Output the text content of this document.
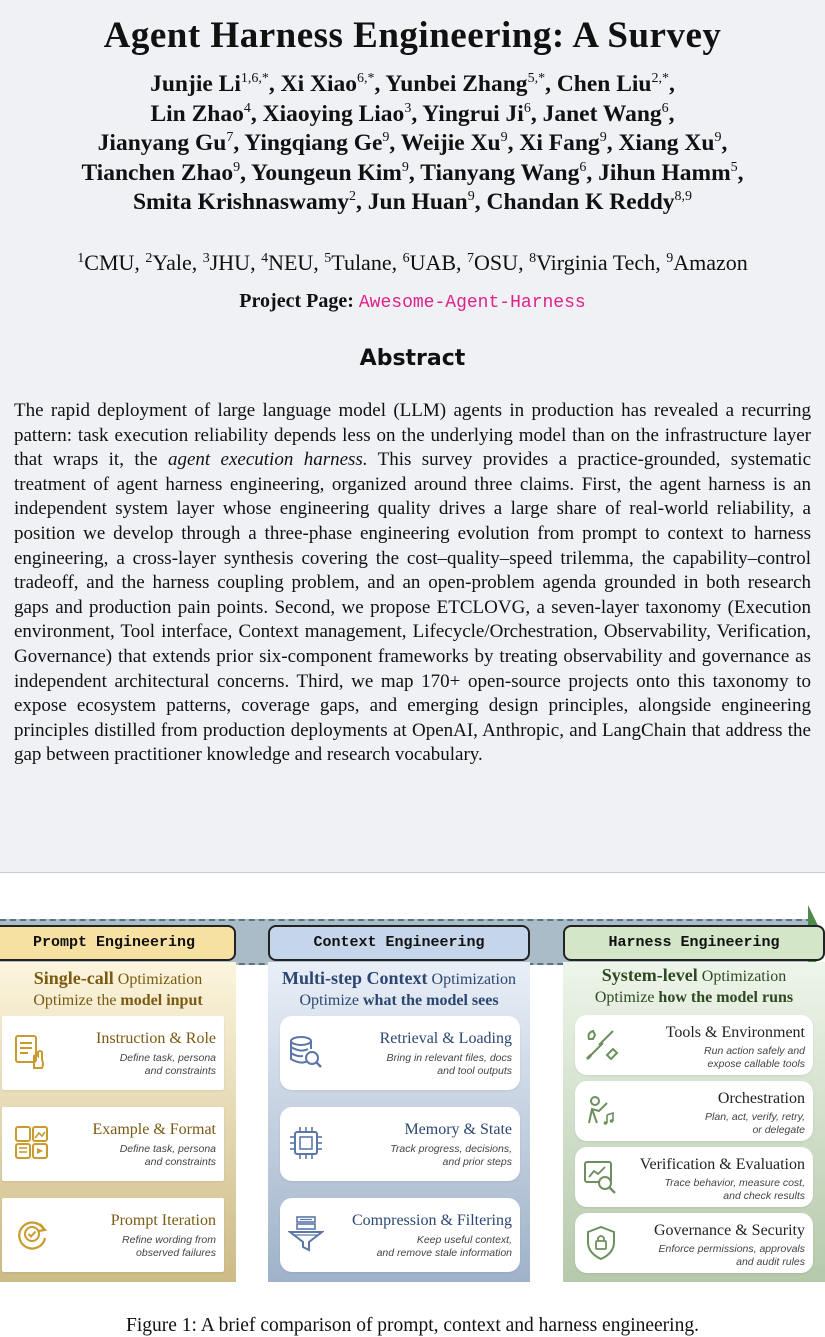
Agent Harness Engineering: A Survey
Junjie $Li^{1,6,*}$, Xi Xiao$^{6,*}$, Yunbei Zhang$^{5,*}$, Chen Liu$^{2,*}$,
Lin Zhao$^4$, Xiaoying Liao$^3$, Yingrui Ji$^6$, Janet Wang$^6$,
Jianyang Gu$^7$, Yingqiang Ge$^9$, Weijie Xu$^9$, Xi Fang$^9$, Xiang Xu$^9$,
Tianchen Zhao$^9$, Youngeun Kim$^9$, Tianyang Wang$^6$, Jihun Hamm$^5$,
Smita Krishnaswamy$^2$, Jun Huan$^9$, Chandan K Reddy$^{8,9}$
$^1$CMU, $^2$Yale, $^3$JHU, $^4$NEU, $^5$Tulane, $^6$UAB, $^7$OSU, $^8$Virginia Tech, $^9$Amazon
Project Page: Awesome-Agent-Harness
Abstract
The rapid deployment of large language model (LLM) agents in production has revealed a recurring pattern: task execution reliability depends less on the underlying model than on the infrastructure layer that wraps it, the agent execution harness. This survey provides a practice-grounded, systematic treatment of agent harness engineering, organized around three claims. First, the agent harness is an independent system layer whose engineering quality drives a large share of real-world reliability, a position we develop through a three-phase engineering evolution from prompt to context to harness engineering, a cross-layer synthesis covering the cost–quality–speed trilemma, the capability–control tradeoff, and the harness coupling problem, and an open-problem agenda grounded in both research gaps and production pain points. Second, we propose ETCLOVG, a seven-layer taxonomy (Execution environment, Tool interface, Context management, Lifecycle/Orchestration, Observability, Verification, Governance) that extends prior six-component frameworks by treating observability and governance as independent architectural concerns. Third, we map 170+ open-source projects onto this taxonomy to expose ecosystem patterns, coverage gaps, and emerging design principles, alongside engineering principles distilled from production deployments at OpenAI, Anthropic, and LangChain that address the gap between practitioner knowledge and research vocabulary.
Prompt Engineering	Context Engineering	Harness Engineering
Single-call Optimization
Optimize the model input
Multi-step Context Optimization
Optimize what the model sees
System-level Optimization
Optimize how the model runs
Instruction & Role
Define task, persona
and constraints
Example & Format
Define task, persona
and constraints
Prompt Iteration
Refine wording from
observed failures
Retrieval & Loading
Bring in relevant files, docs
and tool outputs
Memory & State
Track progress, decisions,
and prior steps
Compression & Filtering
Keep useful context,
and remove stale information
Tools & Environment
Run action safely and
expose callable tools
Orchestration
Plan, act, verify, retry,
or delegate
Verification & Evaluation
Trace behavior, measure cost,
and check results
Governance & Security
Enforce permissions, approvals
and audit rules
Figure 1: A brief comparison of prompt, context and harness engineering.
